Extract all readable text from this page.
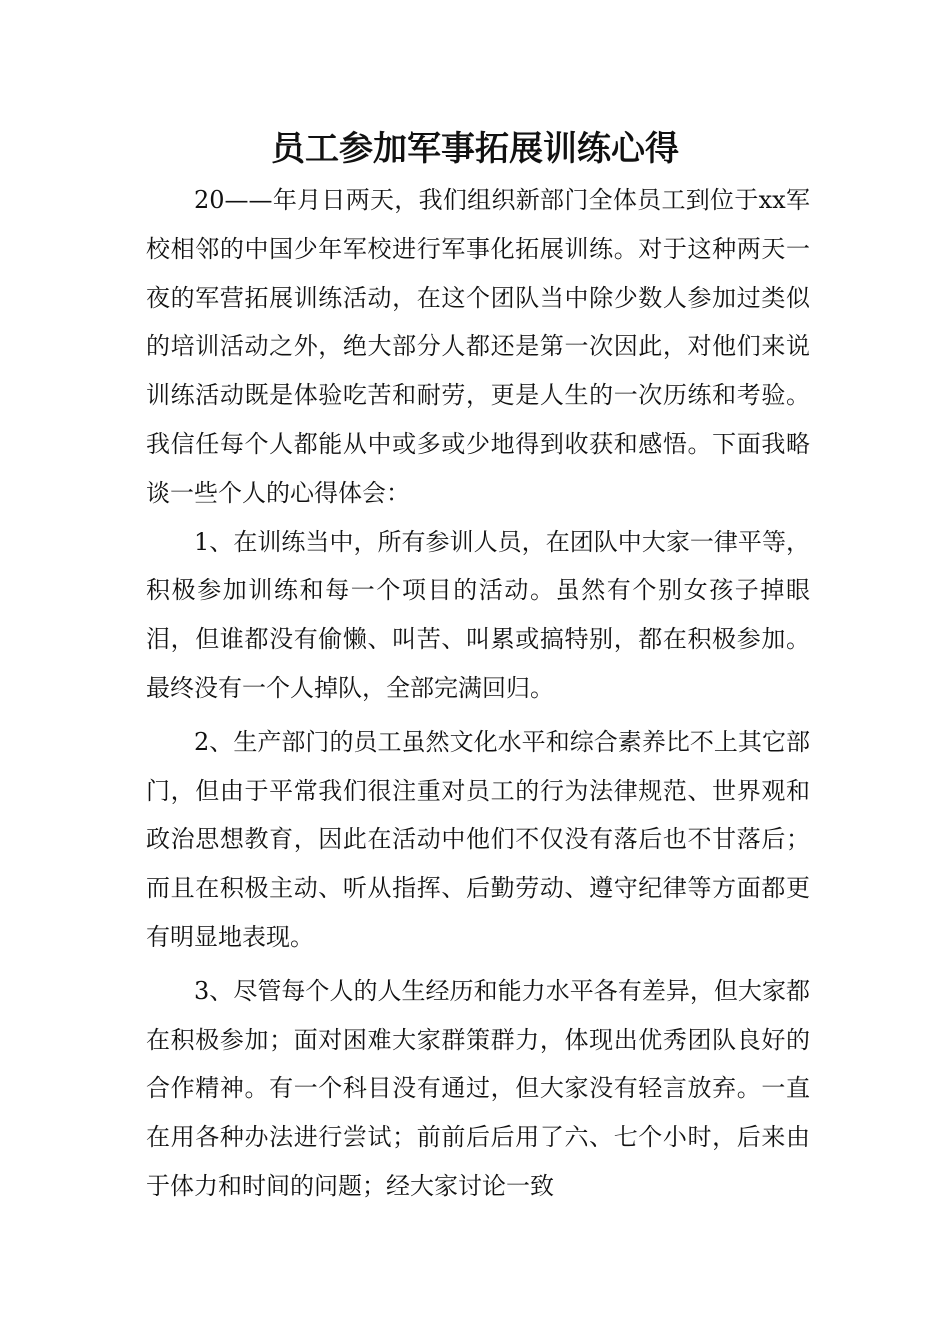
员工参加军事拓展训练心得

20——年月日两天，我们组织新部门全体员工到位于xx军校相邻的中国少年军校进行军事化拓展训练。对于这种两天一夜的军营拓展训练活动，在这个团队当中除少数人参加过类似的培训活动之外，绝大部分人都还是第一次因此，对他们来说训练活动既是体验吃苦和耐劳，更是人生的一次历练和考验。我信任每个人都能从中或多或少地得到收获和感悟。下面我略谈一些个人的心得体会：

1、在训练当中，所有参训人员，在团队中大家一律平等，积极参加训练和每一个项目的活动。虽然有个别女孩子掉眼泪，但谁都没有偷懒、叫苦、叫累或搞特别，都在积极参加。最终没有一个人掉队，全部完满回归。

2、生产部门的员工虽然文化水平和综合素养比不上其它部门，但由于平常我们很注重对员工的行为法律规范、世界观和政治思想教育，因此在活动中他们不仅没有落后也不甘落后；而且在积极主动、听从指挥、后勤劳动、遵守纪律等方面都更有明显地表现。

3、尽管每个人的人生经历和能力水平各有差异，但大家都在积极参加；面对困难大家群策群力，体现出优秀团队良好的合作精神。有一个科目没有通过，但大家没有轻言放弃。一直在用各种办法进行尝试；前前后后用了六、七个小时，后来由于体力和时间的问题；经大家讨论一致
